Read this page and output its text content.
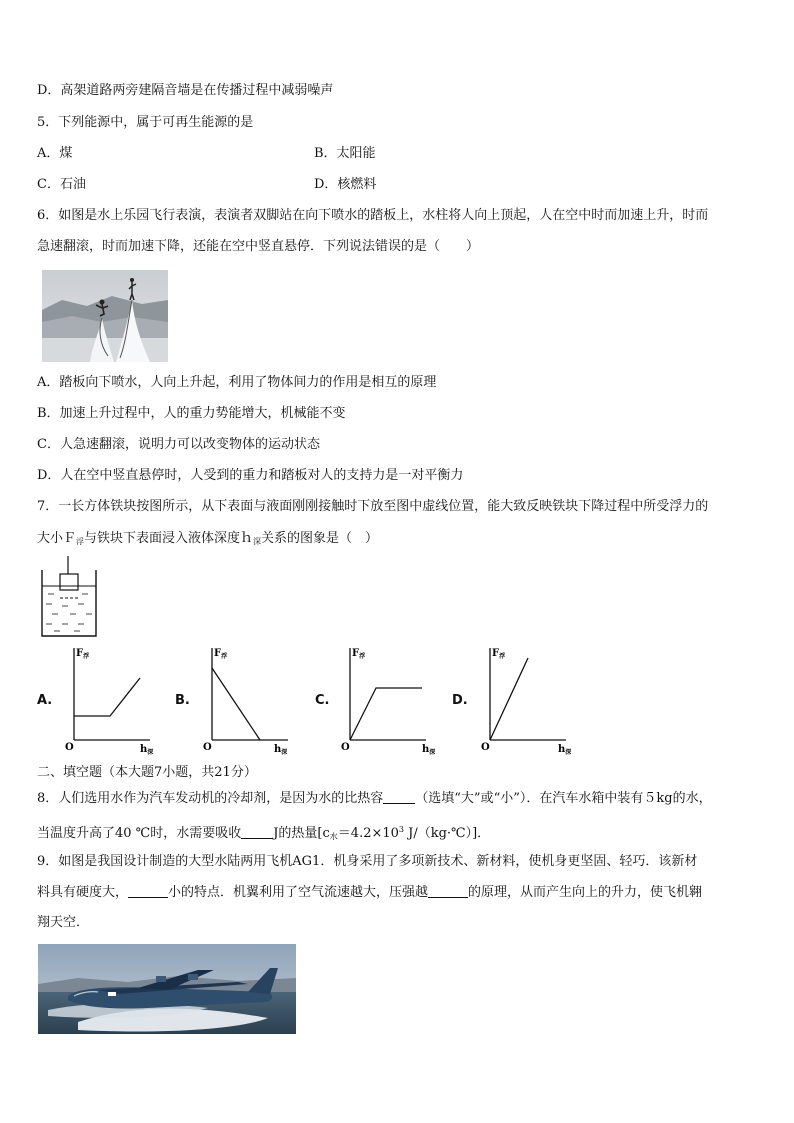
D．高架道路两旁建隔音墙是在传播过程中减弱噪声
5．下列能源中，属于可再生能源的是
A．煤	B．太阳能
C．石油	D．核燃料
6．如图是水上乐园飞行表演，表演者双脚站在向下喷水的踏板上，水柱将人向上顶起，人在空中时而加速上升，时而
急速翻滚，时而加速下降，还能在空中竖直悬停．下列说法错误的是（　　）
A．踏板向下喷水，人向上升起，利用了物体间力的作用是相互的原理
B．加速上升过程中，人的重力势能增大，机械能不变
C．人急速翻滚，说明力可以改变物体的运动状态
D．人在空中竖直悬停时，人受到的重力和踏板对人的支持力是一对平衡力
7．一长方体铁块按图所示，从下表面与液面刚刚接触时下放至图中虚线位置，能大致反映铁块下降过程中所受浮力的
大小Ｆ$_浮$与铁块下表面浸入液体深度ｈ$_深$关系的图象是（　）
A.	B.	C.	D.
$F_浮$
O	$h_深$
$F_浮$
O	$h_深$
$F_浮$
O	$h_深$
$F_浮$
O	$h_深$
二、填空题（本大题7小题，共21分）
8．人们选用水作为汽车发动机的冷却剂，是因为水的比热容 （选填“大”或“小”）．在汽车水箱中装有５kg的水，
当温度升高了40 ℃时，水需要吸收 J的热量[$c_水=4.2\times 10^3$ J/（kg·℃）]．
9．如图是我国设计制造的大型水陆两用飞机AG1．机身采用了多项新技术、新材料，使机身更坚固、轻巧．该新材
料具有硬度大，	小的特点．机翼利用了空气流速越大，压强越	的原理，从而产生向上的升力，使飞机翱
翔天空．
